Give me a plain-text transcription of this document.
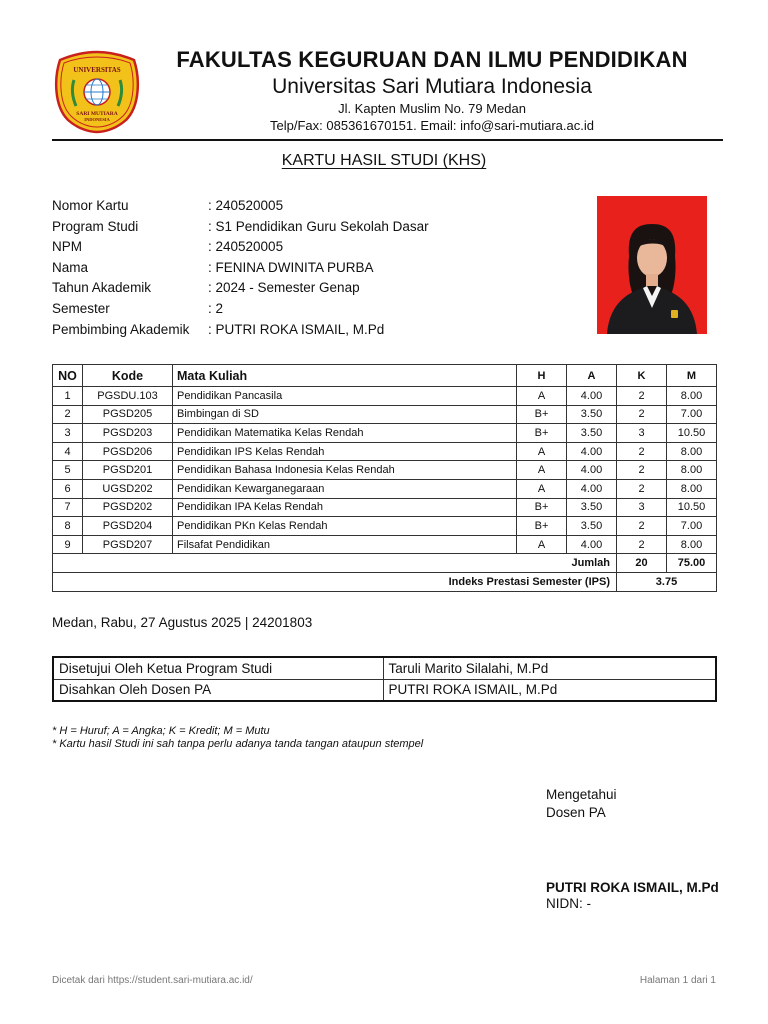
UNIVERSITAS
SARI MUTIARA
INDONESIA
FAKULTAS KEGURUAN DAN ILMU PENDIDIKAN
Universitas Sari Mutiara Indonesia
Jl. Kapten Muslim No. 79 Medan
Telp/Fax: 085361670151. Email: info@sari-mutiara.ac.id
KARTU HASIL STUDI (KHS)
Nomor Kartu	: 240520005
Program Studi	: S1 Pendidikan Guru Sekolah Dasar
NPM	: 240520005
Nama	: FENINA DWINITA PURBA
Tahun Akademik	: 2024 - Semester Genap
Semester	: 2
Pembimbing Akademik	: PUTRI ROKA ISMAIL, M.Pd
NO	Kode	Mata Kuliah	H	A	K	M
1	PGSDU.103	Pendidikan Pancasila	A	4.00	2	8.00
2	PGSD205	Bimbingan di SD	B+	3.50	2	7.00
3	PGSD203	Pendidikan Matematika Kelas Rendah	B+	3.50	3	10.50
4	PGSD206	Pendidikan IPS Kelas Rendah	A	4.00	2	8.00
5	PGSD201	Pendidikan Bahasa Indonesia Kelas Rendah	A	4.00	2	8.00
6	UGSD202	Pendidikan Kewarganegaraan	A	4.00	2	8.00
7	PGSD202	Pendidikan IPA Kelas Rendah	B+	3.50	3	10.50
8	PGSD204	Pendidikan PKn Kelas Rendah	B+	3.50	2	7.00
9	PGSD207	Filsafat Pendidikan	A	4.00	2	8.00
Jumlah					20	75.00
Indeks Prestasi Semester (IPS)					3.75	
Medan, Rabu, 27 Agustus 2025 | 24201803
Disetujui Oleh Ketua Program Studi	Taruli Marito Silalahi, M.Pd
Disahkan Oleh Dosen PA	PUTRI ROKA ISMAIL, M.Pd
* H = Huruf; A = Angka; K = Kredit; M = Mutu
* Kartu hasil Studi ini sah tanpa perlu adanya tanda tangan ataupun stempel
Mengetahui
Dosen PA
PUTRI ROKA ISMAIL, M.Pd
NIDN: -
Dicetak dari https://student.sari-mutiara.ac.id/	Halaman 1 dari 1
